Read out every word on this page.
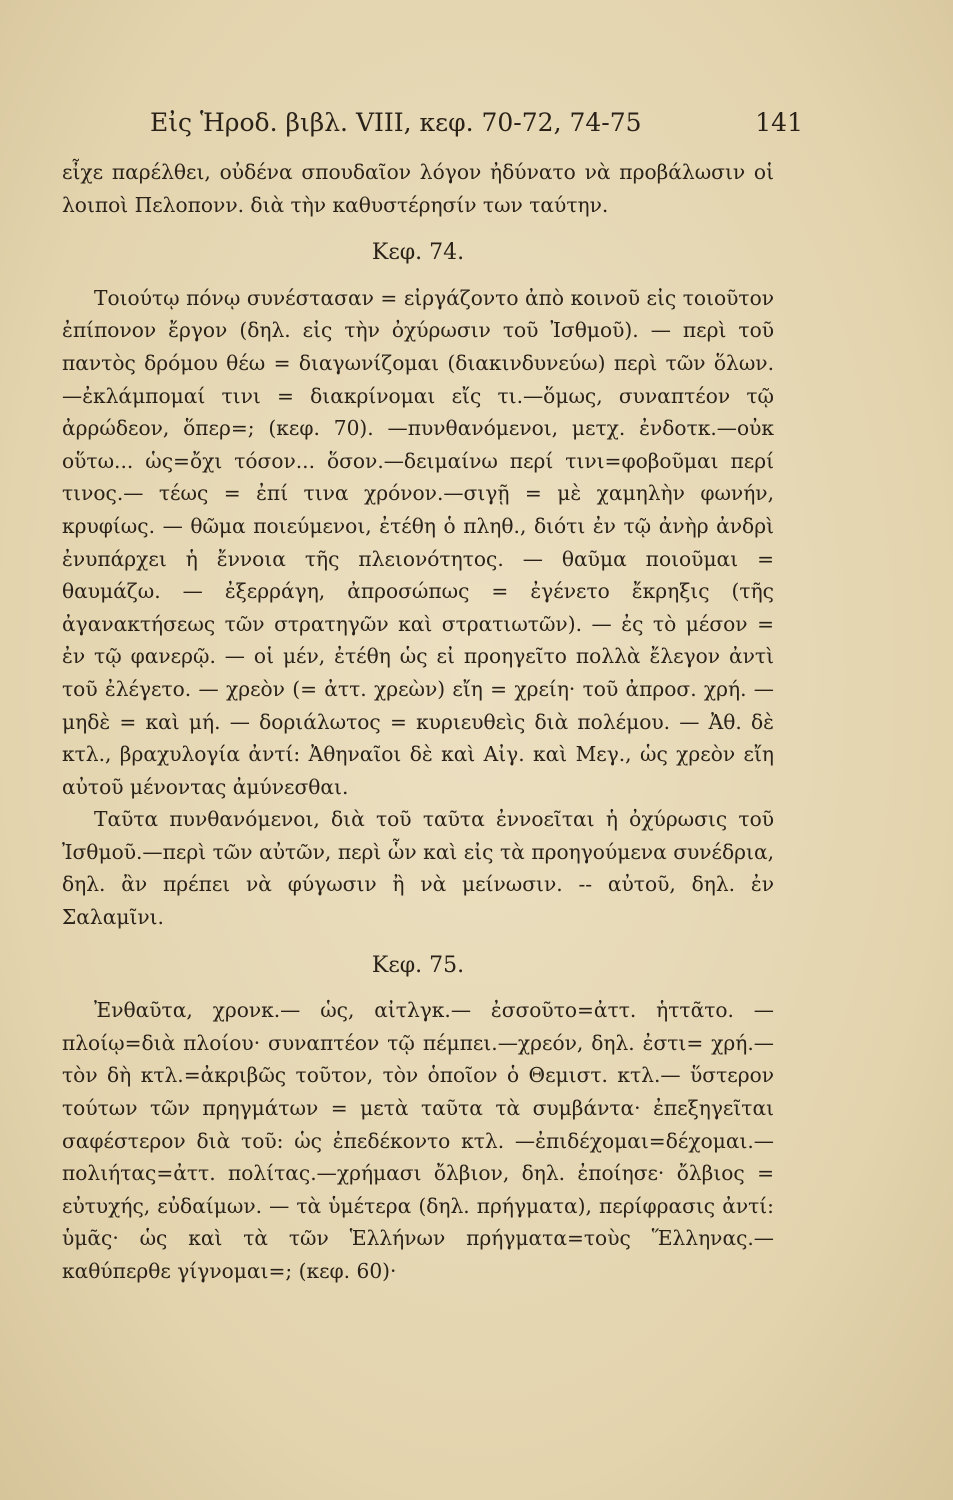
Εἰς Ἡροδ. βιβλ. VIII, κεφ. 70-72, 74-75	141

εἶχε παρέλθει, οὐδένα σπουδαῖον λόγον ἠδύνατο νὰ προβάλωσιν οἱ λοιποὶ Πελοπονν. διὰ τὴν καθυστέρησίν των ταύτην.

Κεφ. 74.

Τοιούτῳ πόνῳ συνέστασαν = εἰργάζοντο ἀπὸ κοινοῦ εἰς τοιοῦτον ἐπίπονον ἔργον (δηλ. εἰς τὴν ὀχύρωσιν τοῦ Ἰσθμοῦ). — περὶ τοῦ παντὸς δρόμου θέω = διαγωνίζομαι (διακινδυνεύω) περὶ τῶν ὅλων.—ἐκλάμπομαί τινι = διακρίνομαι εἴς τι.—ὅμως, συναπτέον τῷ ἀρρώδεον, ὅπερ=; (κεφ. 70). —πυνθανόμενοι, μετχ. ἐνδοτκ.—οὐκ οὕτω... ὡς=ὄχι τόσον... ὅσον.—δειμαίνω περί τινι=φοβοῦμαι περί τινος.— τέως = ἐπί τινα χρόνον.—σιγῇ = μὲ χαμηλὴν φωνήν, κρυφίως. — θῶμα ποιεύμενοι, ἐτέθη ὁ πληθ., διότι ἐν τῷ ἀνὴρ ἀνδρὶ ἐνυπάρχει ἡ ἔννοια τῆς πλειονότητος. — θαῦμα ποιοῦμαι = θαυμάζω. — ἐξερράγη, ἀπροσώπως = ἐγένετο ἔκρηξις (τῆς ἀγανακτήσεως τῶν στρατηγῶν καὶ στρατιωτῶν). — ἐς τὸ μέσον = ἐν τῷ φανερῷ. — οἱ μέν, ἐτέθη ὡς εἰ προηγεῖτο πολλὰ ἔλεγον ἀντὶ τοῦ ἐλέγετο. — χρεὸν (= ἀττ. χρεὼν) εἴη = χρείη· τοῦ ἀπροσ. χρή. — μηδὲ = καὶ μή. — δοριάλωτος = κυριευθεὶς διὰ πολέμου. — Ἀθ. δὲ κτλ., βραχυλογία ἀντί: Ἀθηναῖοι δὲ καὶ Αἰγ. καὶ Μεγ., ὡς χρεὸν εἴη αὐτοῦ μένοντας ἀμύνεσθαι.

Ταῦτα πυνθανόμενοι, διὰ τοῦ ταῦτα ἐννοεῖται ἡ ὀχύρωσις τοῦ Ἰσθμοῦ.—περὶ τῶν αὐτῶν, περὶ ὧν καὶ εἰς τὰ προηγούμενα συνέδρια, δηλ. ἂν πρέπει νὰ φύγωσιν ἢ νὰ μείνωσιν. -- αὐτοῦ, δηλ. ἐν Σαλαμῖνι.

Κεφ. 75.

Ἐνθαῦτα, χρονκ.— ὡς, αἰτλγκ.— ἐσσοῦτο=ἀττ. ἡττᾶτο. — πλοίῳ=διὰ πλοίου· συναπτέον τῷ πέμπει.—χρεόν, δηλ. ἐστι= χρή.—τὸν δὴ κτλ.=ἀκριβῶς τοῦτον, τὸν ὁποῖον ὁ Θεμιστ. κτλ.— ὕστερον τούτων τῶν πρηγμάτων = μετὰ ταῦτα τὰ συμβάντα· ἐπεξηγεῖται σαφέστερον διὰ τοῦ: ὡς ἐπεδέκοντο κτλ. —ἐπιδέχομαι=δέχομαι.—πολιήτας=ἀττ. πολίτας.—χρήμασι ὄλβιον, δηλ. ἐποίησε· ὄλβιος = εὐτυχής, εὐδαίμων. — τὰ ὑμέτερα (δηλ. πρήγματα), περίφρασις ἀντί: ὑμᾶς· ὡς καὶ τὰ τῶν Ἑλλήνων πρήγματα=τοὺς Ἕλληνας.—καθύπερθε γίγνομαι=; (κεφ. 60)·
